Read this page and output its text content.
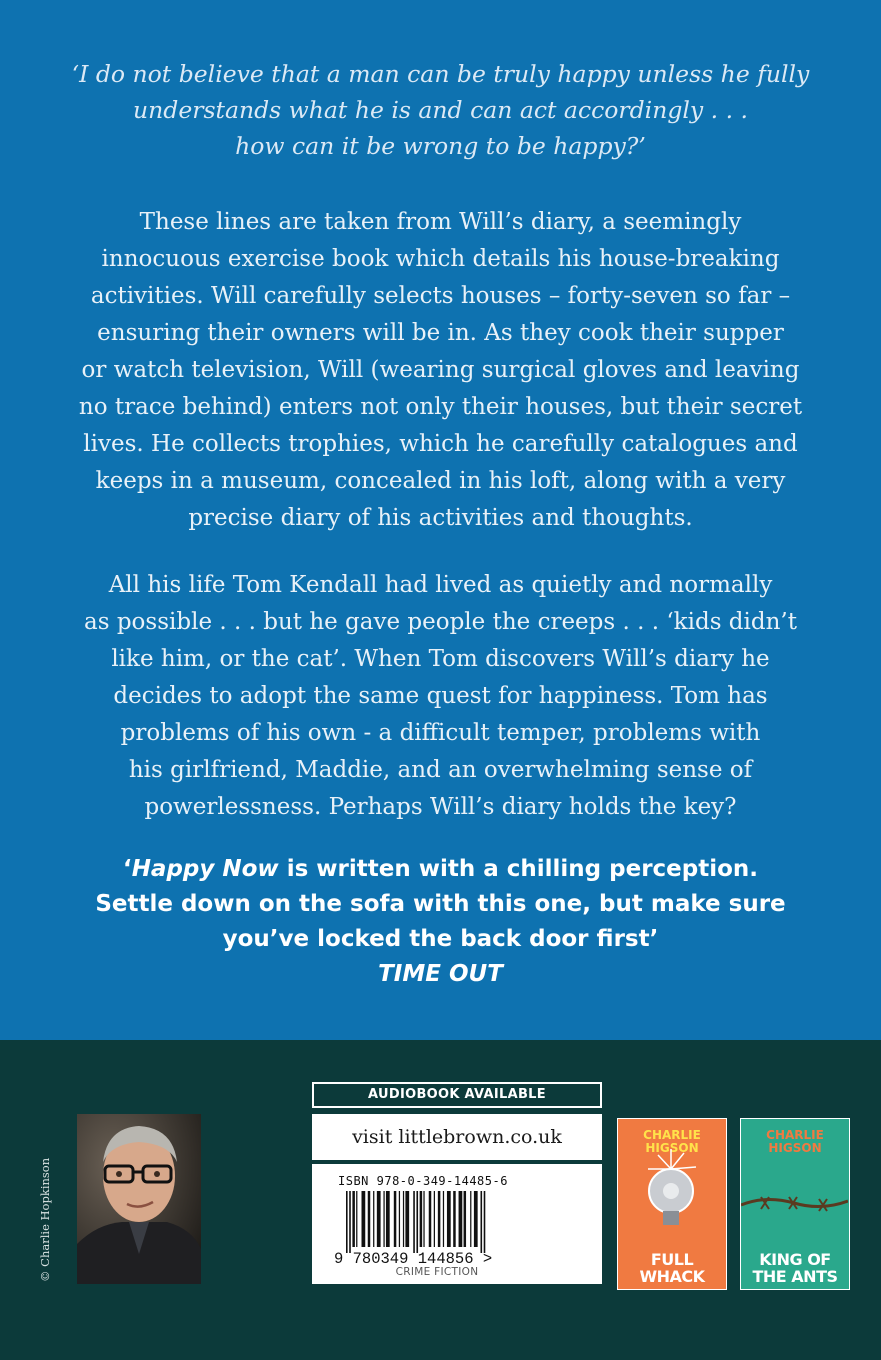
‘I do not believe that a man can be truly happy unless he fully
understands what he is and can act accordingly . . .
how can it be wrong to be happy?’
These lines are taken from Will’s diary, a seemingly
innocuous exercise book which details his house-breaking
activities. Will carefully selects houses – forty-seven so far –
ensuring their owners will be in. As they cook their supper
or watch television, Will (wearing surgical gloves and leaving
no trace behind) enters not only their houses, but their secret
lives. He collects trophies, which he carefully catalogues and
keeps in a museum, concealed in his loft, along with a very
precise diary of his activities and thoughts.
All his life Tom Kendall had lived as quietly and normally
as possible . . . but he gave people the creeps . . . ‘kids didn’t
like him, or the cat’. When Tom discovers Will’s diary he
decides to adopt the same quest for happiness. Tom has
problems of his own - a difficult temper, problems with
his girlfriend, Maddie, and an overwhelming sense of
powerlessness. Perhaps Will’s diary holds the key?
‘Happy Now is written with a chilling perception.
Settle down on the sofa with this one, but make sure
you’ve locked the back door first’
TIME OUT
© Charlie Hopkinson
AUDIOBOOK AVAILABLE
visit littlebrown.co.uk
ISBN 978-0-349-14485-6
9 780349 144856 >
CRIME FICTION
CHARLIE
HIGSON
FULL WHACK
CHARLIE
HIGSON
KING OF
THE ANTS
